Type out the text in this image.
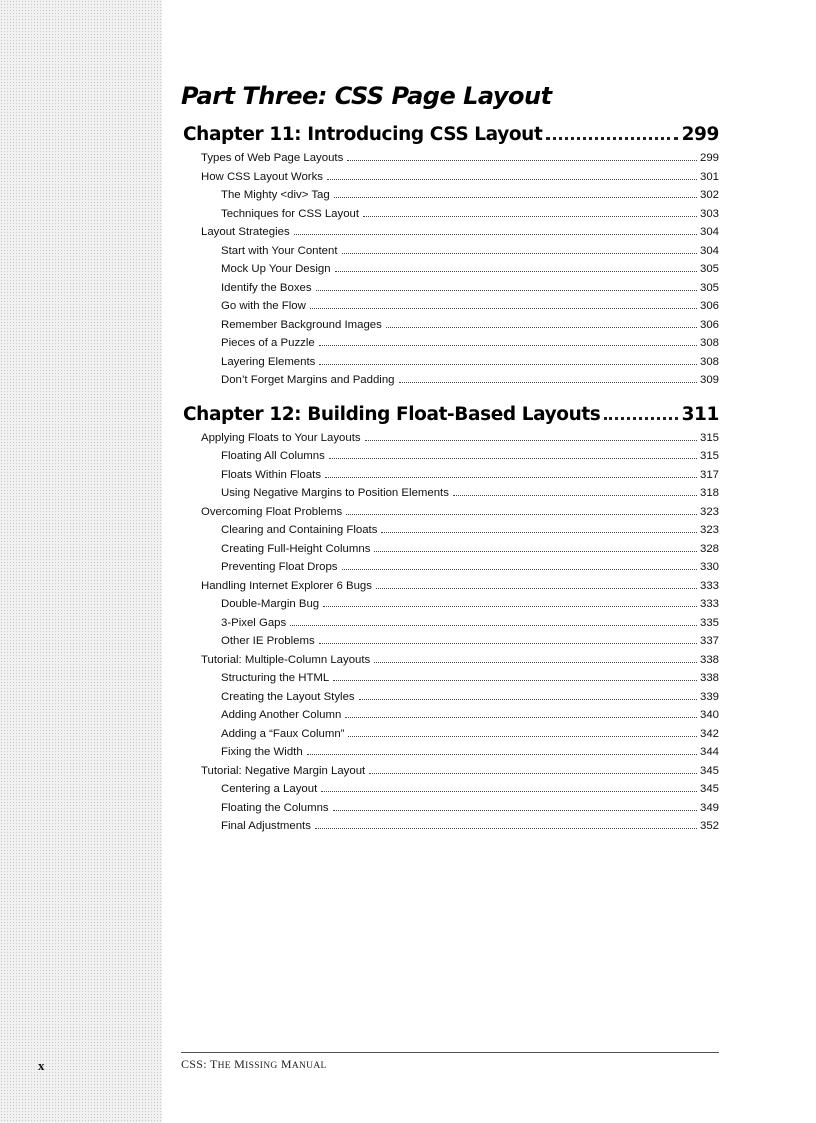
Part Three: CSS Page Layout
Chapter 11: Introducing CSS Layout	299
Types of Web Page Layouts	299
How CSS Layout Works	301
The Mighty <div> Tag	302
Techniques for CSS Layout	303
Layout Strategies	304
Start with Your Content	304
Mock Up Your Design	305
Identify the Boxes	305
Go with the Flow	306
Remember Background Images	306
Pieces of a Puzzle	308
Layering Elements	308
Don’t Forget Margins and Padding	309
Chapter 12: Building Float-Based Layouts	311
Applying Floats to Your Layouts	315
Floating All Columns	315
Floats Within Floats	317
Using Negative Margins to Position Elements	318
Overcoming Float Problems	323
Clearing and Containing Floats	323
Creating Full-Height Columns	328
Preventing Float Drops	330
Handling Internet Explorer 6 Bugs	333
Double-Margin Bug	333
3-Pixel Gaps	335
Other IE Problems	337
Tutorial: Multiple-Column Layouts	338
Structuring the HTML	338
Creating the Layout Styles	339
Adding Another Column	340
Adding a “Faux Column”	342
Fixing the Width	344
Tutorial: Negative Margin Layout	345
Centering a Layout	345
Floating the Columns	349
Final Adjustments	352
CSS: THE MISSING MANUAL
x
